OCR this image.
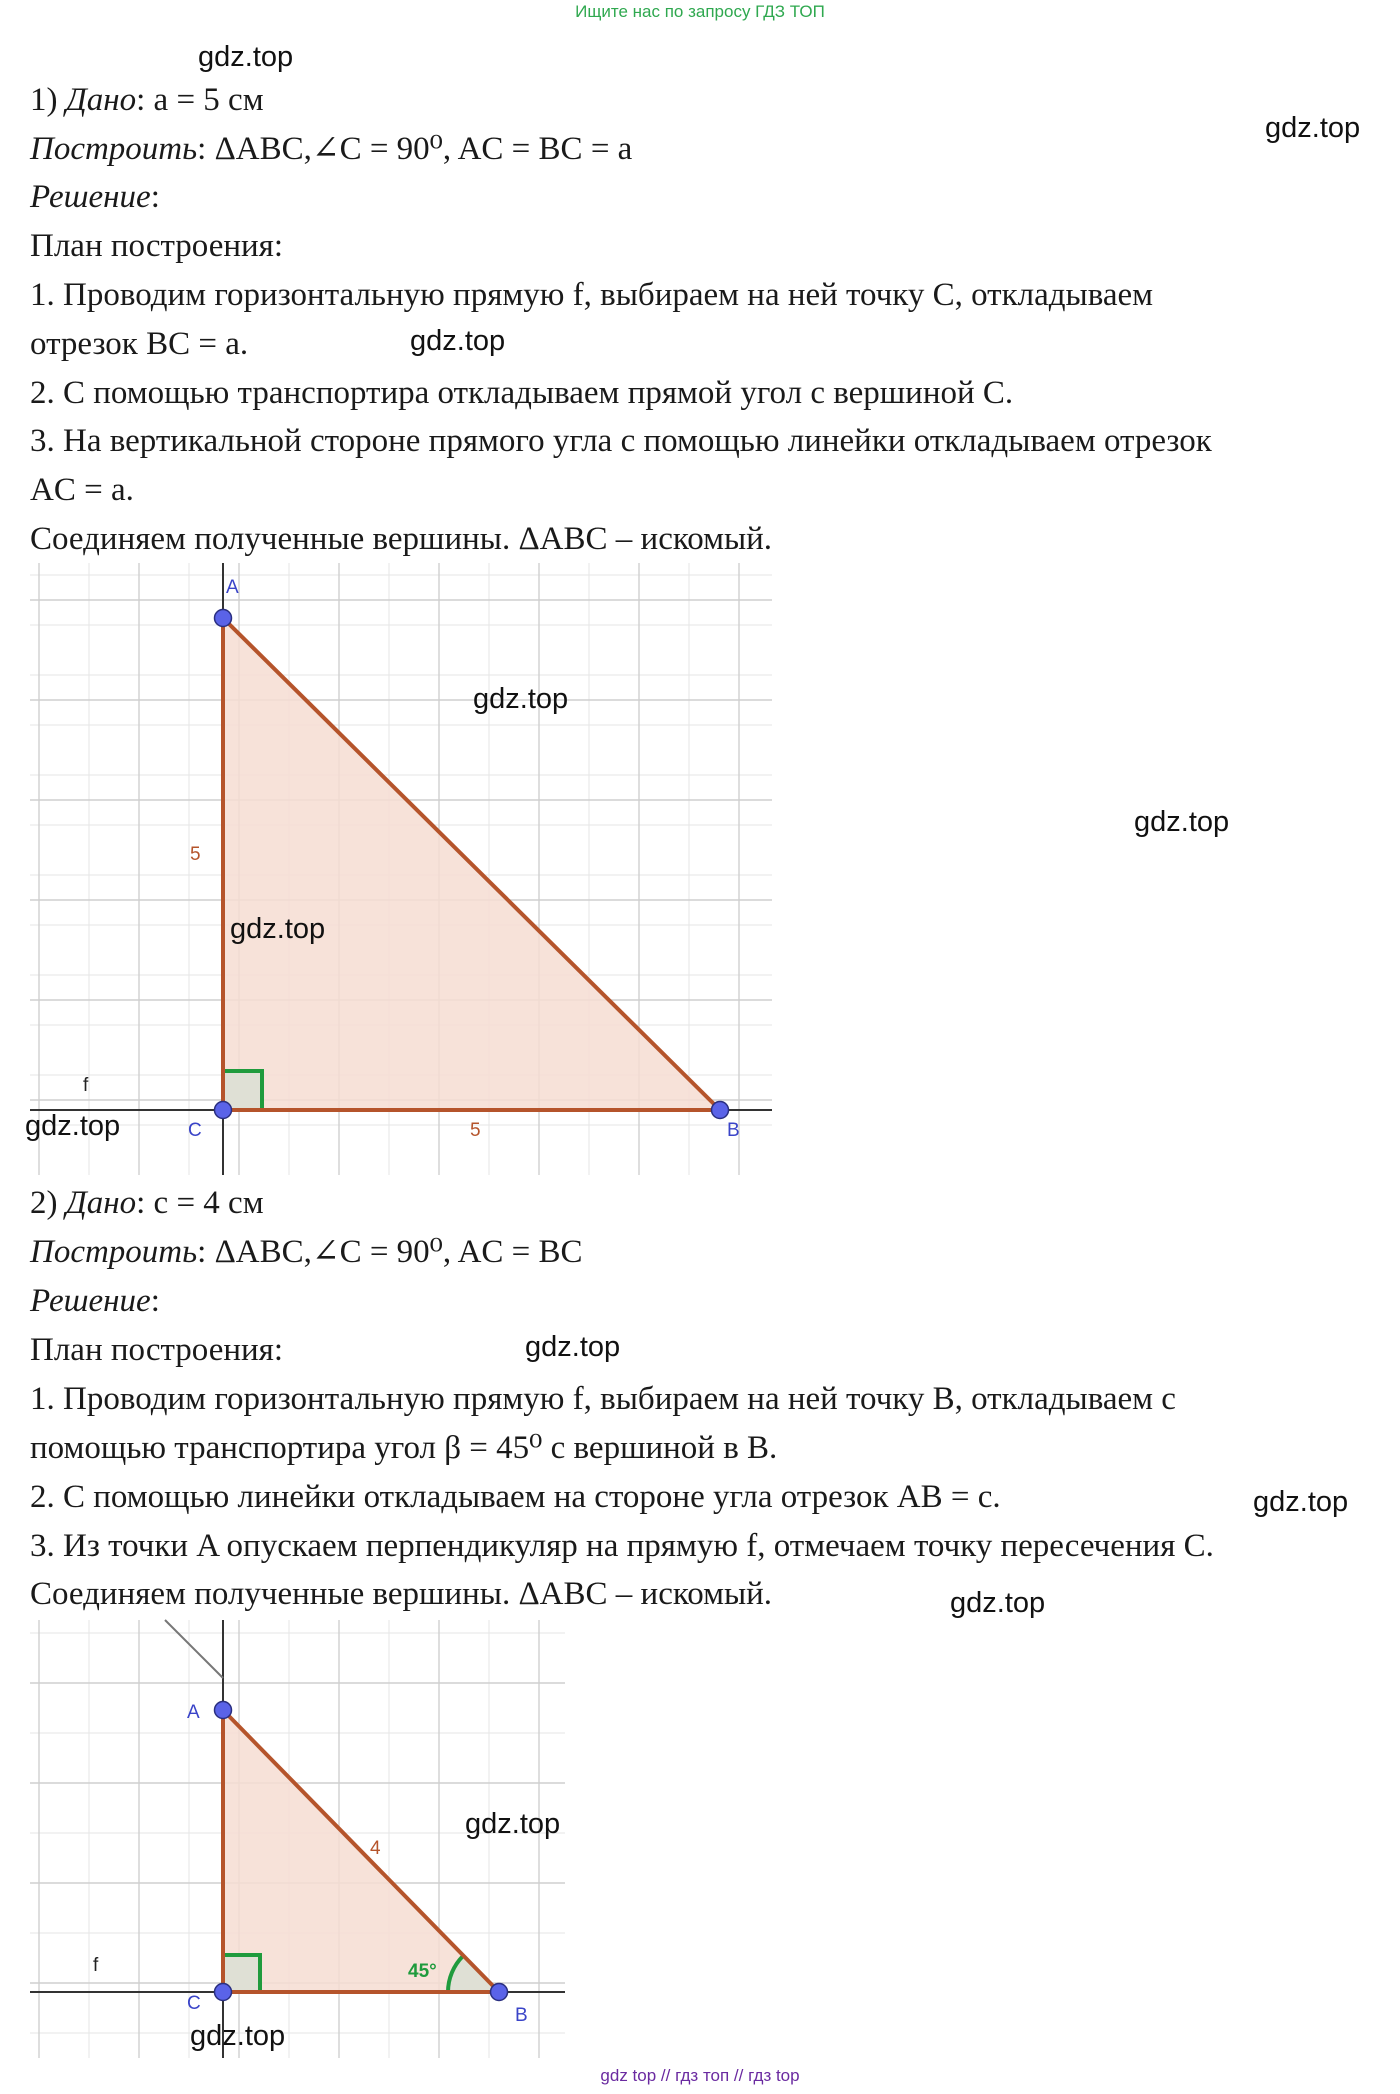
Ищите нас по запросу ГДЗ ТОП
1) Дано: a = 5 см
Построить: ΔABC,∠C = 90⁰, AC = BC = a
Решение:
План построения:
1. Проводим горизонтальную прямую f, выбираем на ней точку C, откладываем
отрезок BC = a.
2. С помощью транспортира откладываем прямой угол с вершиной C.
3. На вертикальной стороне прямого угла с помощью линейки откладываем отрезок
AC = a.
Соединяем полученные вершины. ΔABC – искомый.
A
C	B
f
5
5
2) Дано: c = 4 см
Построить: ΔABC,∠C = 90⁰, AC = BC
Решение:
План построения:
1. Проводим горизонтальную прямую f, выбираем на ней точку B, откладываем с
помощью транспортира угол β = 45⁰ с вершиной в B.
2. С помощью линейки откладываем на стороне угла отрезок AB = c.
3. Из точки A опускаем перпендикуляр на прямую f, отмечаем точку пересечения C.
Соединяем полученные вершины. ΔABC – искомый.
A
C
B
f
4
45°
gdz.top
gdz.top
gdz.top
gdz.top
gdz.top
gdz.top
gdz.top
gdz.top
gdz.top
gdz.top
gdz.top
gdz.top
gdz top // гдз топ // гдз top
